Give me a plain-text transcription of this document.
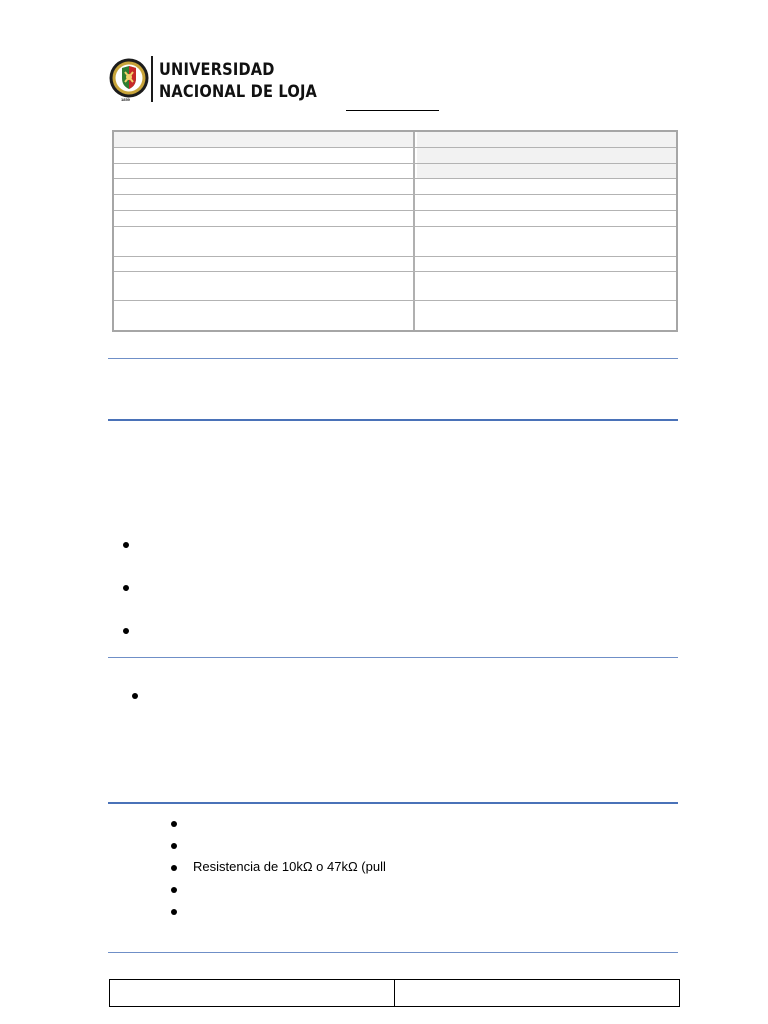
1859
UNIVERSIDAD
NACIONAL DE LOJA
Resistencia de 10kΩ o 47kΩ (pull
